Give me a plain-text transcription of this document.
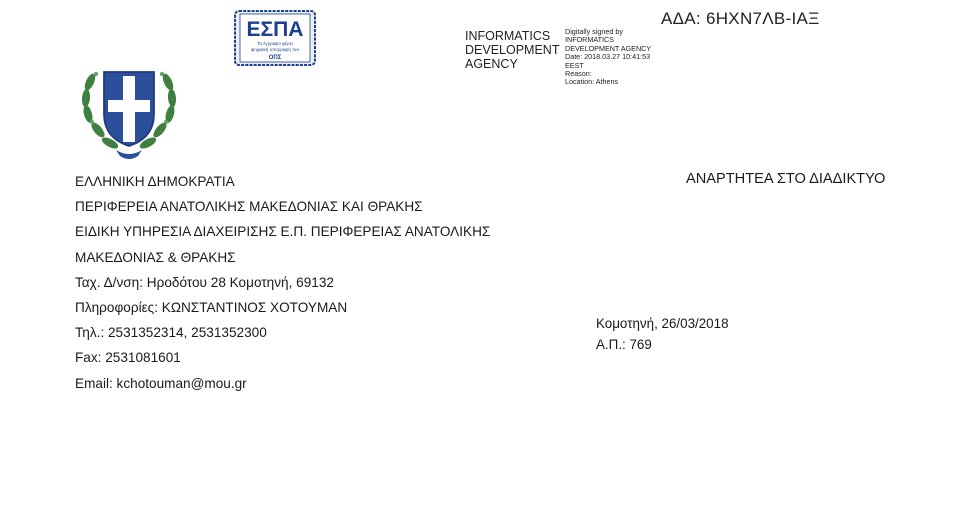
ΕΣΠΑ
Το έγγραφο φέρει
ψηφιακή υπογραφή του
ΟΠΣ
INFORMATICS DEVELOPMENT AGENCY
Digitally signed by
INFORMATICS
DEVELOPMENT AGENCY
Date: 2018.03.27 10:41:53
EEST
Reason:
Location: Athens
ΑΔΑ: 6ΗΧΝ7ΛΒ-ΙΑΞ
ΕΛΛΗΝΙΚΗ ΔΗΜΟΚΡΑΤΙΑ
ΠΕΡΙΦΕΡΕΙΑ ΑΝΑΤΟΛΙΚΗΣ ΜΑΚΕΔΟΝΙΑΣ ΚΑΙ ΘΡΑΚΗΣ
ΕΙΔΙΚΗ ΥΠΗΡΕΣΙΑ ΔΙΑΧΕΙΡΙΣΗΣ Ε.Π. ΠΕΡΙΦΕΡΕΙΑΣ ΑΝΑΤΟΛΙΚΗΣ
ΜΑΚΕΔΟΝΙΑΣ & ΘΡΑΚΗΣ
Ταχ. Δ/νση: Ηροδότου 28 Κομοτηνή, 69132
Πληροφορίες: ΚΩΝΣΤΑΝΤΙΝΟΣ ΧΟΤΟΥΜΑΝ
Τηλ.: 2531352314, 2531352300
Fax: 2531081601
Email: kchotouman@mou.gr
ΑΝΑΡΤΗΤΕΑ ΣΤΟ ΔΙΑΔΙΚΤΥΟ
Κομοτηνή, 26/03/2018
Α.Π.: 769
